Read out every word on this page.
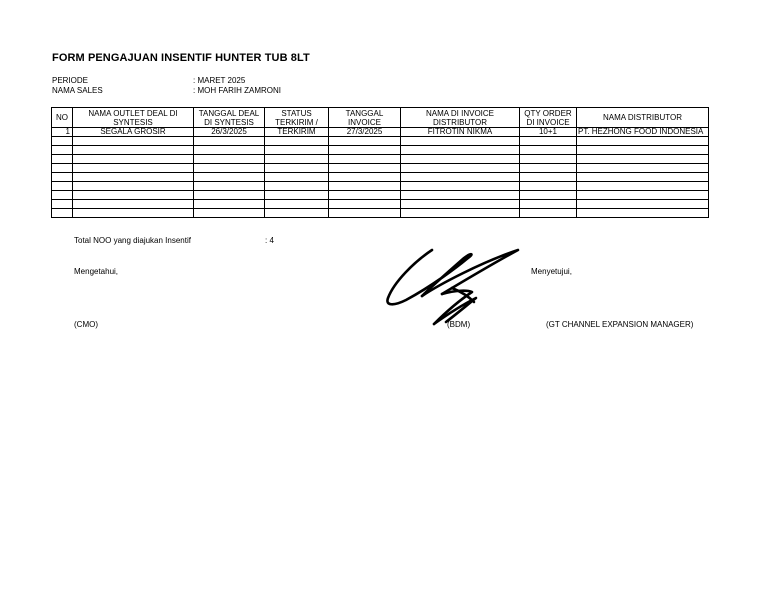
FORM PENGAJUAN INSENTIF HUNTER TUB 8LT
PERIODE	: MARET 2025
NAMA SALES	: MOH FARIH ZAMRONI
NO	NAMA OUTLET DEAL DI SYNTESIS	TANGGAL DEAL DI SYNTESIS	STATUS TERKIRIM /	TANGGAL INVOICE	NAMA DI INVOICE DISTRIBUTOR	QTY ORDER DI INVOICE	NAMA DISTRIBUTOR
1	SEGALA GROSIR	26/3/2025	TERKIRIM	27/3/2025	FITROTIN NIKMA	10+1	PT. HEZHONG FOOD INDONESIA

Total NOO yang diajukan Insentif	: 4
Mengetahui,	Menyetujui,
(CMO)	(BDM)	(GT CHANNEL EXPANSION MANAGER)
